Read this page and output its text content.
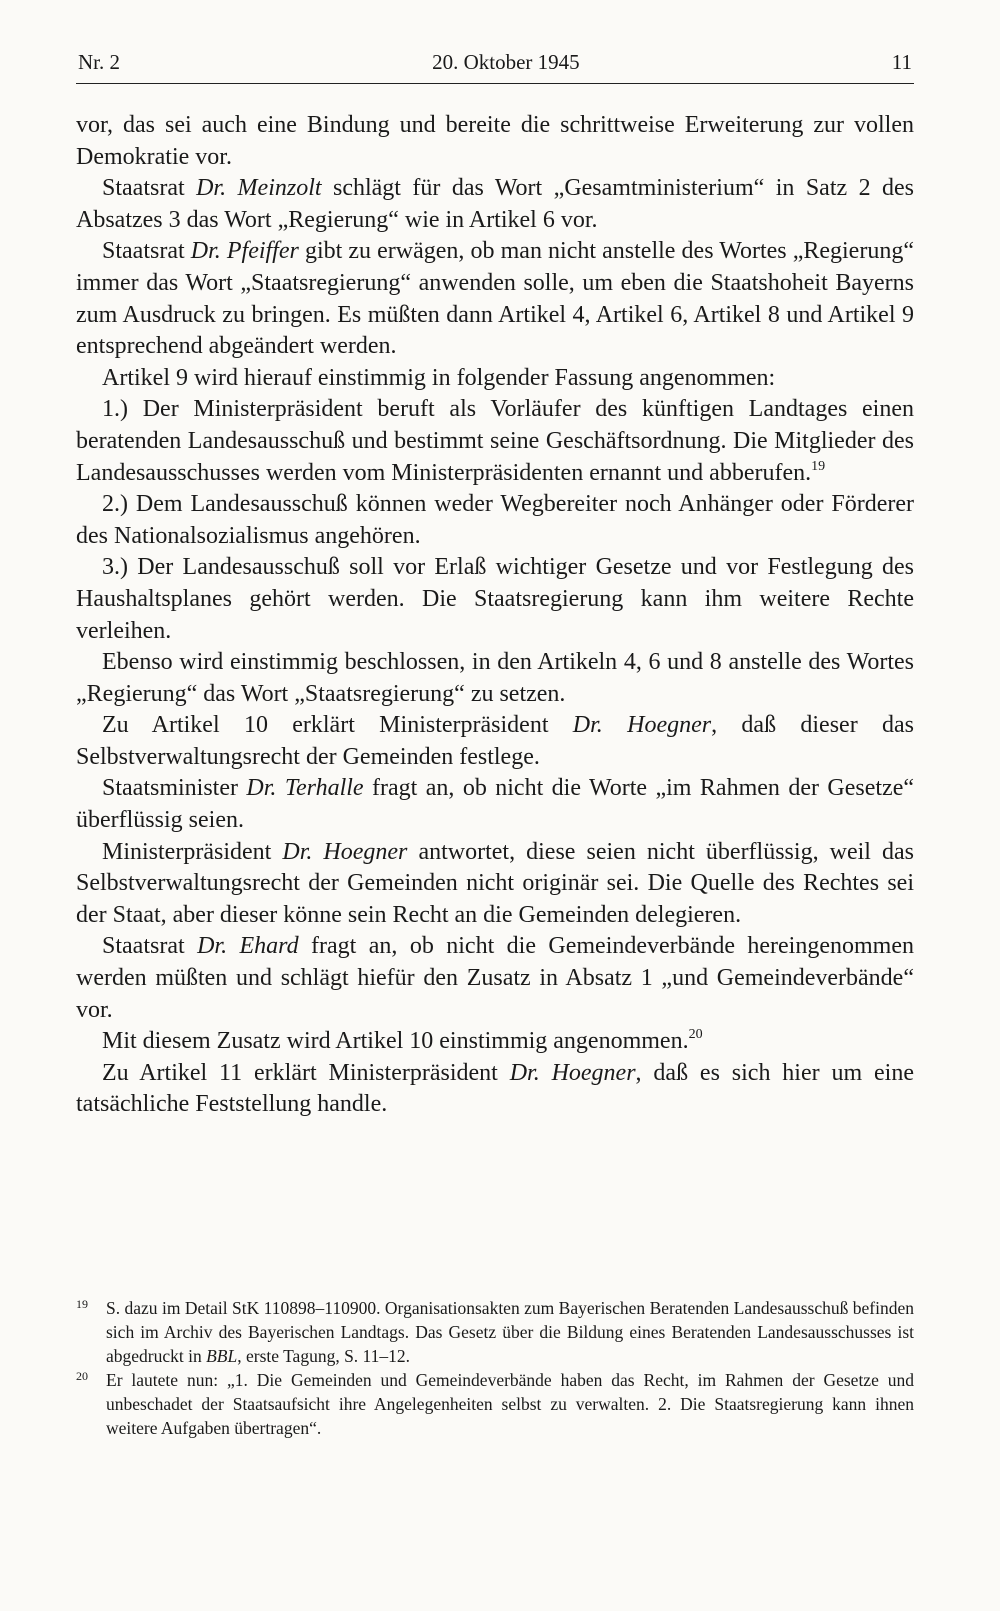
Nr. 2	20. Oktober 1945	11

vor, das sei auch eine Bindung und bereite die schrittweise Erweiterung zur vollen Demokratie vor.

Staatsrat Dr. Meinzolt schlägt für das Wort „Gesamtministerium“ in Satz 2 des Absatzes 3 das Wort „Regierung“ wie in Artikel 6 vor.

Staatsrat Dr. Pfeiffer gibt zu erwägen, ob man nicht anstelle des Wortes „Regierung“ immer das Wort „Staatsregierung“ anwenden solle, um eben die Staatshoheit Bayerns zum Ausdruck zu bringen. Es müßten dann Artikel 4, Artikel 6, Artikel 8 und Artikel 9 entsprechend abgeändert werden.

Artikel 9 wird hierauf einstimmig in folgender Fassung angenommen:

1.) Der Ministerpräsident beruft als Vorläufer des künftigen Landtages einen beratenden Landesausschuß und bestimmt seine Geschäftsordnung. Die Mitglieder des Landesausschusses werden vom Ministerpräsidenten ernannt und abberufen.$^{19}$

2.) Dem Landesausschuß können weder Wegbereiter noch Anhänger oder Förderer des Nationalsozialismus angehören.

3.) Der Landesausschuß soll vor Erlaß wichtiger Gesetze und vor Festlegung des Haushaltsplanes gehört werden. Die Staatsregierung kann ihm weitere Rechte verleihen.

Ebenso wird einstimmig beschlossen, in den Artikeln 4, 6 und 8 anstelle des Wortes „Regierung“ das Wort „Staatsregierung“ zu setzen.

Zu Artikel 10 erklärt Ministerpräsident Dr. Hoegner, daß dieser das Selbstverwaltungsrecht der Gemeinden festlege.

Staatsminister Dr. Terhalle fragt an, ob nicht die Worte „im Rahmen der Gesetze“ überflüssig seien.

Ministerpräsident Dr. Hoegner antwortet, diese seien nicht überflüssig, weil das Selbstverwaltungsrecht der Gemeinden nicht originär sei. Die Quelle des Rechtes sei der Staat, aber dieser könne sein Recht an die Gemeinden delegieren.

Staatsrat Dr. Ehard fragt an, ob nicht die Gemeindeverbände hereingenommen werden müßten und schlägt hiefür den Zusatz in Absatz 1 „und Gemeindeverbände“ vor.

Mit diesem Zusatz wird Artikel 10 einstimmig angenommen.$^{20}$

Zu Artikel 11 erklärt Ministerpräsident Dr. Hoegner, daß es sich hier um eine tatsächliche Feststellung handle.

19	S. dazu im Detail StK 110898–110900. Organisationsakten zum Bayerischen Beratenden Landesausschuß befinden sich im Archiv des Bayerischen Landtags. Das Gesetz über die Bildung eines Beratenden Landesausschusses ist abgedruckt in BBL, erste Tagung, S. 11–12.
20	Er lautete nun: „1. Die Gemeinden und Gemeindeverbände haben das Recht, im Rahmen der Gesetze und unbeschadet der Staatsaufsicht ihre Angelegenheiten selbst zu verwalten. 2. Die Staatsregierung kann ihnen weitere Aufgaben übertragen“.
